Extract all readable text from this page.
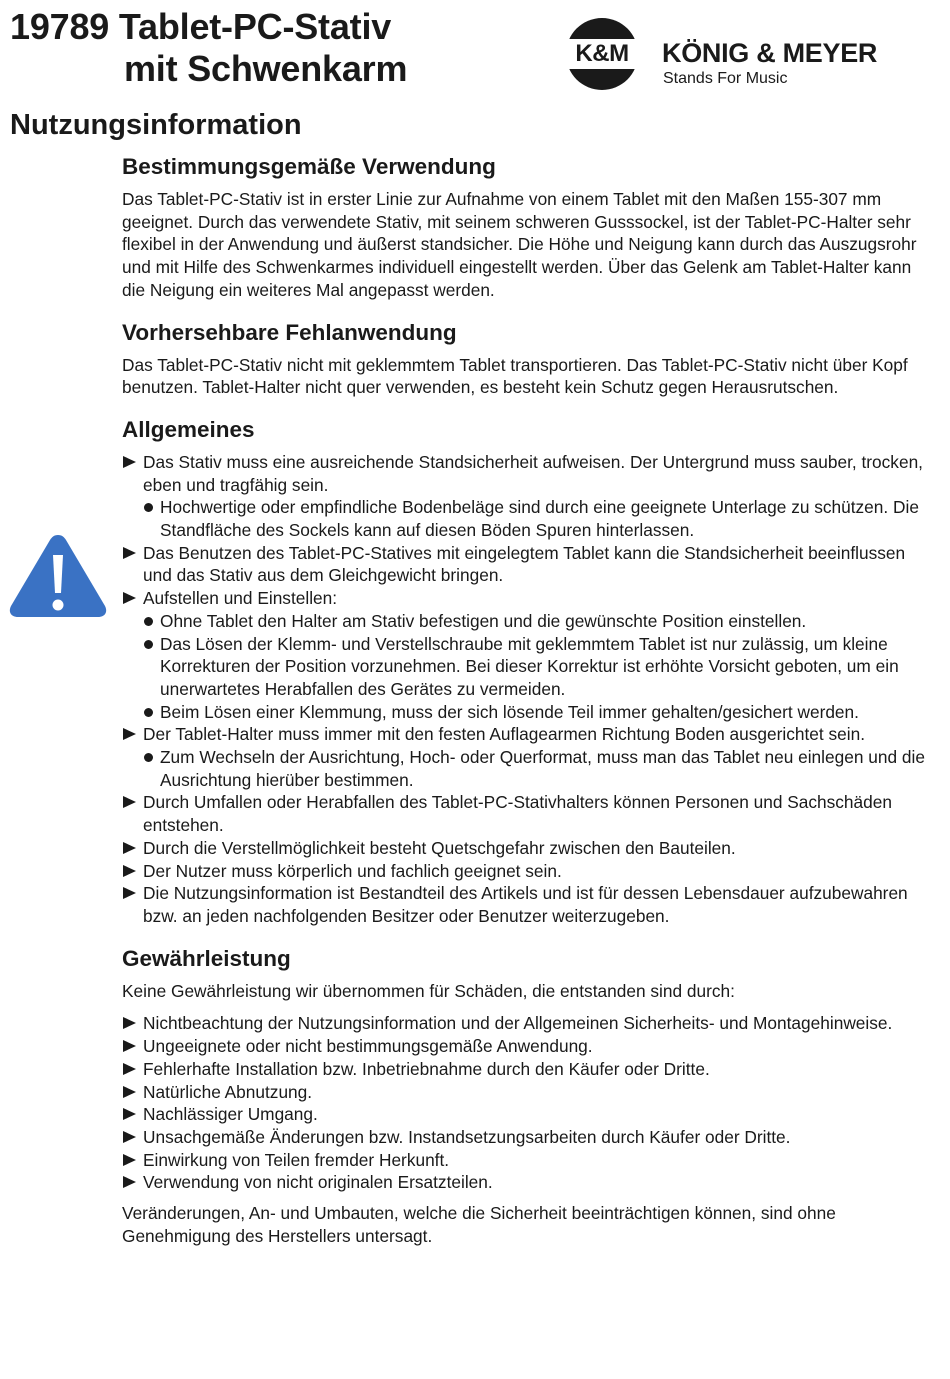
19789 Tablet-PC-Stativ
mit Schwenkarm	K&M	KÖNIG & MEYER

Stands For Music

Nutzungsinformation
Bestimmungsgemäße Verwendung

Das Tablet-PC-Stativ ist in erster Linie zur Aufnahme von einem Tablet mit den Maßen 155-307 mm geeignet. Durch das verwendete Stativ, mit seinem schweren Gusssockel, ist der Tablet-PC-Halter sehr flexibel in der Anwendung und äußerst standsicher. Die Höhe und Neigung kann durch das Auszugsrohr und mit Hilfe des Schwenkarmes individuell eingestellt werden. Über das Gelenk am Tablet-Halter kann die Neigung ein weiteres Mal angepasst werden.

Vorhersehbare Fehlanwendung

Das Tablet-PC-Stativ nicht mit geklemmtem Tablet transportieren. Das Tablet-PC-Stativ nicht über Kopf benutzen. Tablet-Halter nicht quer verwenden, es besteht kein Schutz gegen Herausrutschen.

Allgemeines
Das Stativ muss eine ausreichende Standsicherheit aufweisen. Der Untergrund muss sauber, trocken, eben und tragfähig sein.
Hochwertige oder empfindliche Bodenbeläge sind durch eine geeignete Unterlage zu schützen. Die Standfläche des Sockels kann auf diesen Böden Spuren hinterlassen.
Das Benutzen des Tablet-PC-Statives mit eingelegtem Tablet kann die Standsicherheit beeinflussen und das Stativ aus dem Gleichgewicht bringen.
Aufstellen und Einstellen:
Ohne Tablet den Halter am Stativ befestigen und die gewünschte Position einstellen.
Das Lösen der Klemm- und Verstellschraube mit geklemmtem Tablet ist nur zulässig, um kleine Korrekturen der Position vorzunehmen. Bei dieser Korrektur ist erhöhte Vorsicht geboten, um ein unerwartetes Herabfallen des Gerätes zu vermeiden.
Beim Lösen einer Klemmung, muss der sich lösende Teil immer gehalten/gesichert werden.
Der Tablet-Halter muss immer mit den festen Auflagearmen Richtung Boden ausgerichtet sein.
Zum Wechseln der Ausrichtung, Hoch- oder Querformat, muss man das Tablet neu einlegen und die Ausrichtung hierüber bestimmen.
Durch Umfallen oder Herabfallen des Tablet-PC-Stativhalters können Personen und Sachschäden entstehen.
Durch die Verstellmöglichkeit besteht Quetschgefahr zwischen den Bauteilen.
Der Nutzer muss körperlich und fachlich geeignet sein.
Die Nutzungsinformation ist Bestandteil des Artikels und ist für dessen Lebensdauer aufzubewahren bzw. an jeden nachfolgenden Besitzer oder Benutzer weiterzugeben.
Gewährleistung

Keine Gewährleistung wir übernommen für Schäden, die entstanden sind durch:

Nichtbeachtung der Nutzungsinformation und der Allgemeinen Sicherheits- und Montagehinweise.
Ungeeignete oder nicht bestimmungsgemäße Anwendung.
Fehlerhafte Installation bzw. Inbetriebnahme durch den Käufer oder Dritte.
Natürliche Abnutzung.
Nachlässiger Umgang.
Unsachgemäße Änderungen bzw. Instandsetzungsarbeiten durch Käufer oder Dritte.
Einwirkung von Teilen fremder Herkunft.
Verwendung von nicht originalen Ersatzteilen.

Veränderungen, An- und Umbauten, welche die Sicherheit beeinträchtigen können, sind ohne Genehmigung des Herstellers untersagt.
